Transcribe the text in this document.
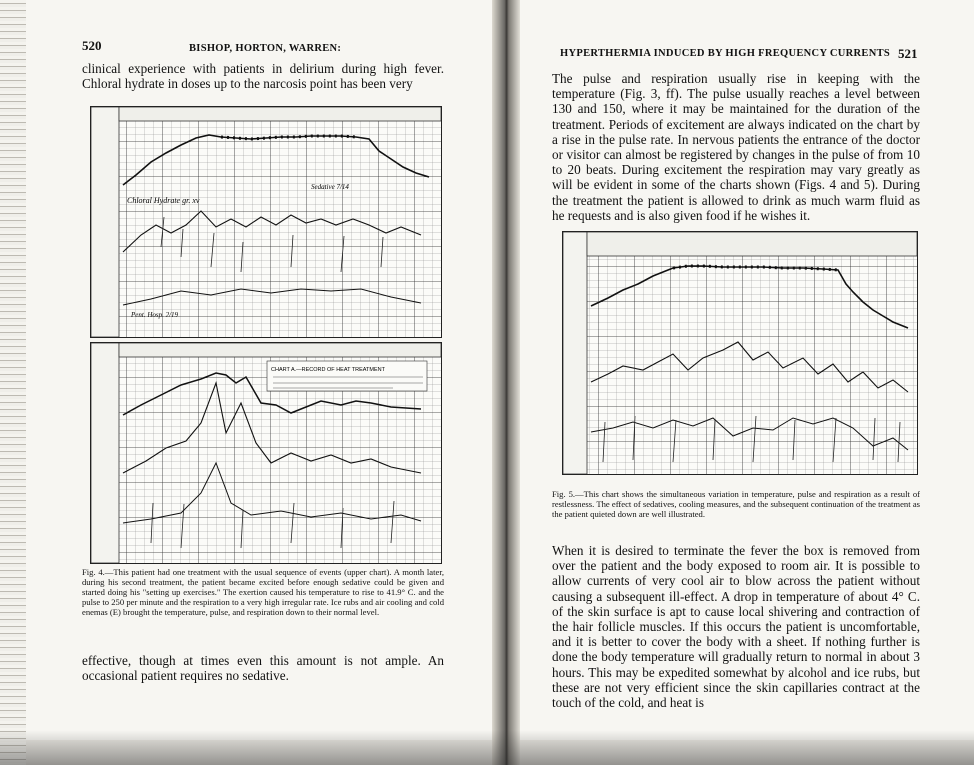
520	BISHOP, HORTON, WARREN:
clinical experience with patients in delirium during high fever. Chloral hydrate in doses up to the narcosis point has been very
Chloral Hydrate gr. xv
Sedative 7/14
Pent. Hosp. 2/19
CHART A.—RECORD OF HEAT TREATMENT
Fig. 4.—This patient had one treatment with the usual sequence of events (upper chart). A month later, during his second treatment, the patient became excited before enough sedative could be given and started doing his "setting up exercises." The exertion caused his temperature to rise to 41.9° C. and the pulse to 250 per minute and the respiration to a very high irregular rate. Ice rubs and air cooling and cold enemas (E) brought the temperature, pulse, and respiration down to their normal level.
effective, though at times even this amount is not ample. An occasional patient requires no sedative.
HYPERTHERMIA INDUCED BY HIGH FREQUENCY CURRENTS 521
The pulse and respiration usually rise in keeping with the temperature (Fig. 3, ff). The pulse usually reaches a level between 130 and 150, where it may be maintained for the duration of the treatment. Periods of excitement are always indicated on the chart by a rise in the pulse rate. In nervous patients the entrance of the doctor or visitor can almost be registered by changes in the pulse of from 10 to 20 beats. During excitement the respiration may vary greatly as will be evident in some of the charts shown (Figs. 4 and 5). During the treatment the patient is allowed to drink as much warm fluid as he requests and is also given food if he wishes it.
Fig. 5.—This chart shows the simultaneous variation in temperature, pulse and respiration as a result of restlessness. The effect of sedatives, cooling measures, and the subsequent continuation of the treatment as the patient quieted down are well illustrated.
When it is desired to terminate the fever the box is removed from over the patient and the body exposed to room air. It is possible to allow currents of very cool air to blow across the patient without causing a subsequent ill-effect. A drop in temperature of about 4° C. of the skin surface is apt to cause local shivering and contraction of the hair follicle muscles. If this occurs the patient is uncomfortable, and it is better to cover the body with a sheet. If nothing further is done the body temperature will gradually return to normal in about 3 hours. This may be expedited somewhat by alcohol and ice rubs, but these are not very efficient since the skin capillaries contract at the touch of the cold, and heat is
